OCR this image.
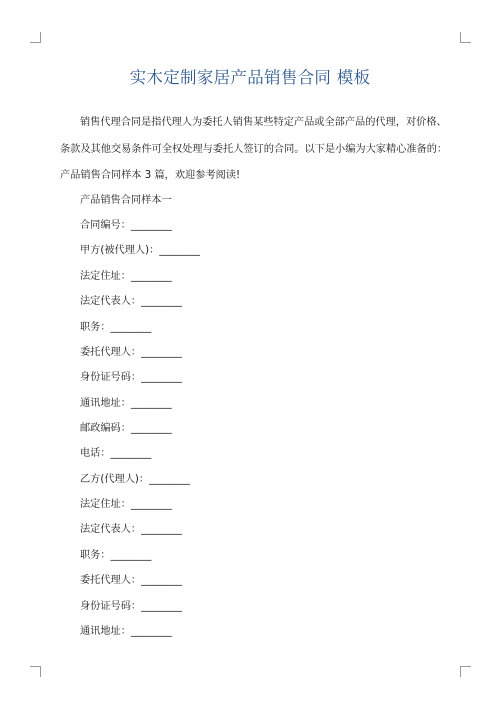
实木定制家居产品销售合同 模板
销售代理合同是指代理人为委托人销售某些特定产品或全部产品的代理，对价格、
条款及其他交易条件可全权处理与委托人签订的合同。以下是小编为大家精心准备的：
产品销售合同样本 3 篇，欢迎参考阅读!
产品销售合同样本一
合同编号：________
甲方(被代理人)：________
法定住址：________
法定代表人：________
职务：________
委托代理人：________
身份证号码：________
通讯地址：________
邮政编码：________
电话：________
乙方(代理人)：________
法定住址：________
法定代表人：________
职务：________
委托代理人：________
身份证号码：________
通讯地址：________
